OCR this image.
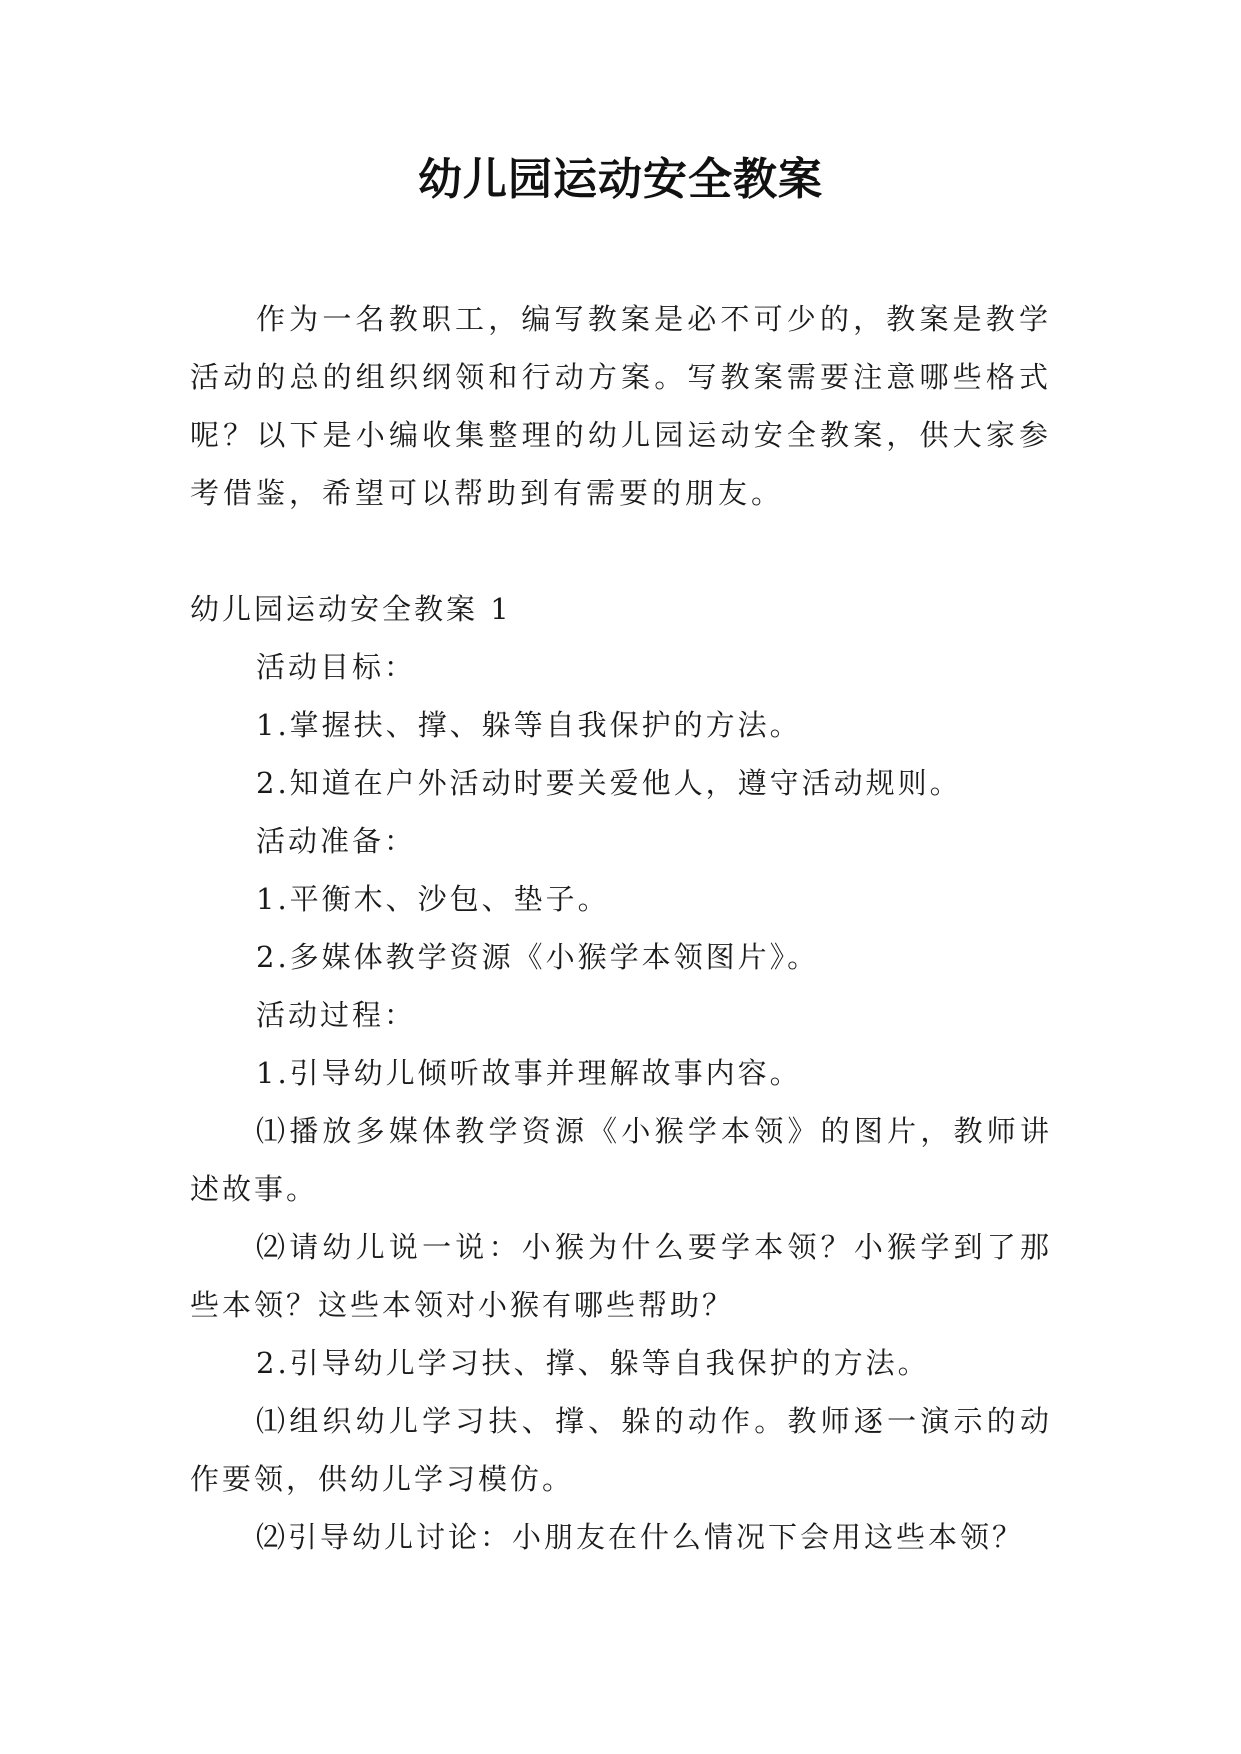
幼儿园运动安全教案

作为一名教职工，编写教案是必不可少的，教案是教学活动的总的组织纲领和行动方案。写教案需要注意哪些格式呢？以下是小编收集整理的幼儿园运动安全教案，供大家参考借鉴，希望可以帮助到有需要的朋友。

幼儿园运动安全教案 1

活动目标：

1.掌握扶、撑、躲等自我保护的方法。

2.知道在户外活动时要关爱他人，遵守活动规则。

活动准备：

1.平衡木、沙包、垫子。

2.多媒体教学资源《小猴学本领图片》。

活动过程：

1.引导幼儿倾听故事并理解故事内容。

⑴播放多媒体教学资源《小猴学本领》的图片，教师讲述故事。

⑵请幼儿说一说：小猴为什么要学本领？小猴学到了那些本领？这些本领对小猴有哪些帮助？

2.引导幼儿学习扶、撑、躲等自我保护的方法。

⑴组织幼儿学习扶、撑、躲的动作。教师逐一演示的动作要领，供幼儿学习模仿。

⑵引导幼儿讨论：小朋友在什么情况下会用这些本领？
